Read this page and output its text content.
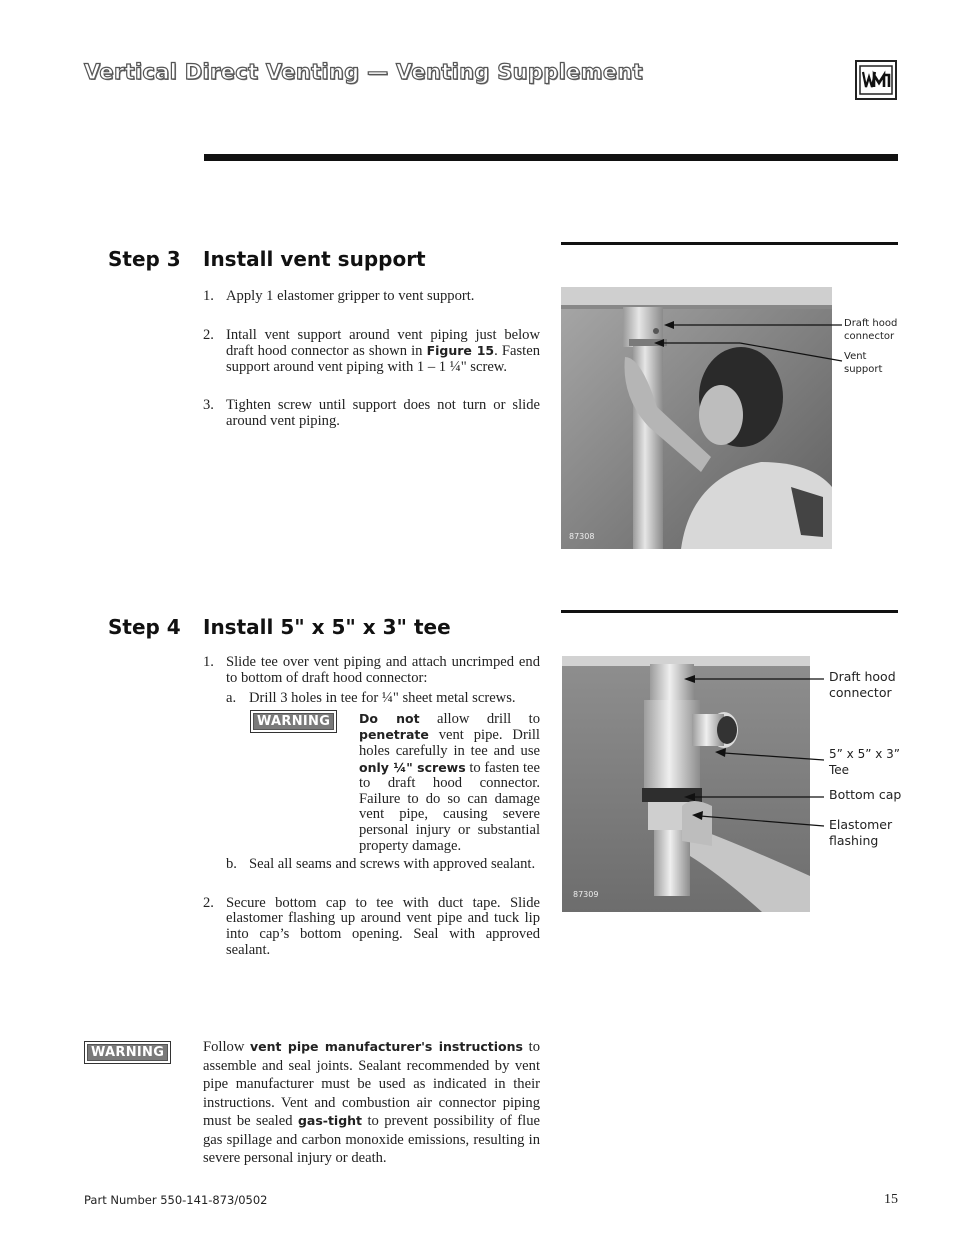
Vertical Direct Venting — Venting Supplement
Step 3 Install vent support
1. Apply 1 elastomer gripper to vent support.
2. Intall vent support around vent piping just below draft hood connector as shown in Figure 15. Fasten support around vent piping with 1 – 1 ¼" screw.
3. Tighten screw until support does not turn or slide around vent piping.
87308
Draft hood
connector
Vent
support
Step 4 Install 5" x 5" x 3" tee
1. Slide tee over vent piping and attach uncrimped end to bottom of draft hood connector:
a. Drill 3 holes in tee for ¼" sheet metal screws.
WARNING	Do not allow drill to penetrate vent pipe. Drill holes carefully in tee and use only ¼" screws to fasten tee to draft hood connector. Failure to do so can damage vent pipe, causing severe personal injury or substantial property damage.
b. Seal all seams and screws with approved sealant.
2. Secure bottom cap to tee with duct tape. Slide elastomer flashing up around vent pipe and tuck lip into cap’s bottom opening. Seal with approved sealant.
87309
Draft hood
connector
5” x 5” x 3”
Tee
Bottom cap
Elastomer
flashing
WARNING	Follow vent pipe manufacturer's instructions to assemble and seal joints. Sealant recommended by vent pipe manufacturer must be used as indicated in their instructions. Vent and combustion air connector piping must be sealed gas-tight to prevent possibility of flue gas spillage and carbon monoxide emissions, resulting in severe personal injury or death.
Part Number 550-141-873/0502	15
